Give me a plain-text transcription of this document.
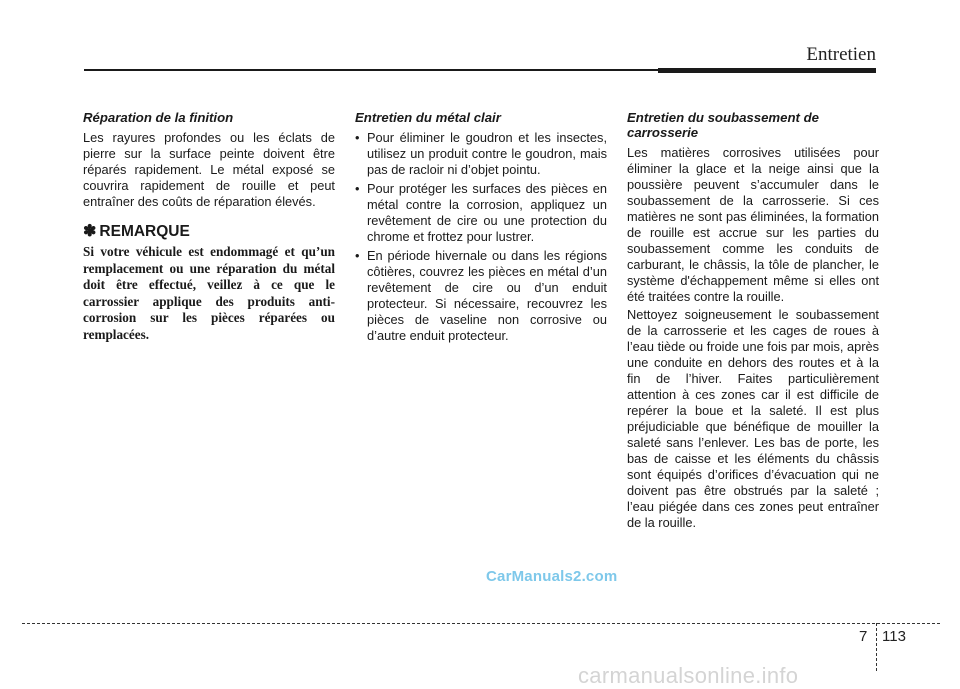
Entretien
Réparation de la finition

Les rayures profondes ou les éclats de pierre sur la surface peinte doivent être réparés rapidement. Le métal exposé se couvrira rapidement de rouille et peut entraîner des coûts de réparation élevés.

✽ REMARQUE
Si votre véhicule est endommagé et qu’un remplacement ou une réparation du métal doit être effectué, veillez à ce que le carrossier applique des produits anti-corrosion sur les pièces réparées ou remplacées.
Entretien du métal clair
• Pour éliminer le goudron et les insectes, utilisez un produit contre le goudron, mais pas de racloir ni d’objet pointu.
• Pour protéger les surfaces des pièces en métal contre la corrosion, appliquez un revêtement de cire ou une protection du chrome et frottez pour lustrer.
• En période hivernale ou dans les régions côtières, couvrez les pièces en métal d’un revêtement de cire ou d’un enduit protecteur. Si nécessaire, recouvrez les pièces de vaseline non corrosive ou d’autre enduit protecteur.
Entretien du soubassement de carrosserie

Les matières corrosives utilisées pour éliminer la glace et la neige ainsi que la poussière peuvent s’accumuler dans le soubassement de la carrosserie. Si ces matières ne sont pas éliminées, la formation de rouille est accrue sur les parties du soubassement comme les conduits de carburant, le châssis, la tôle de plancher, le système d'échappement même si elles ont été traitées contre la rouille.

Nettoyez soigneusement le soubassement de la carrosserie et les cages de roues à l’eau tiède ou froide une fois par mois, après une conduite en dehors des routes et à la fin de l’hiver. Faites particulièrement attention à ces zones car il est difficile de repérer la boue et la saleté. Il est plus préjudiciable que bénéfique de mouiller la saleté sans l’enlever. Les bas de porte, les bas de caisse et les éléments du châssis sont équipés d’orifices d’évacuation qui ne doivent pas être obstrués par la saleté ; l’eau piégée dans ces zones peut entraîner de la rouille.

CarManuals2.com
7 113
carmanualsonline.info
